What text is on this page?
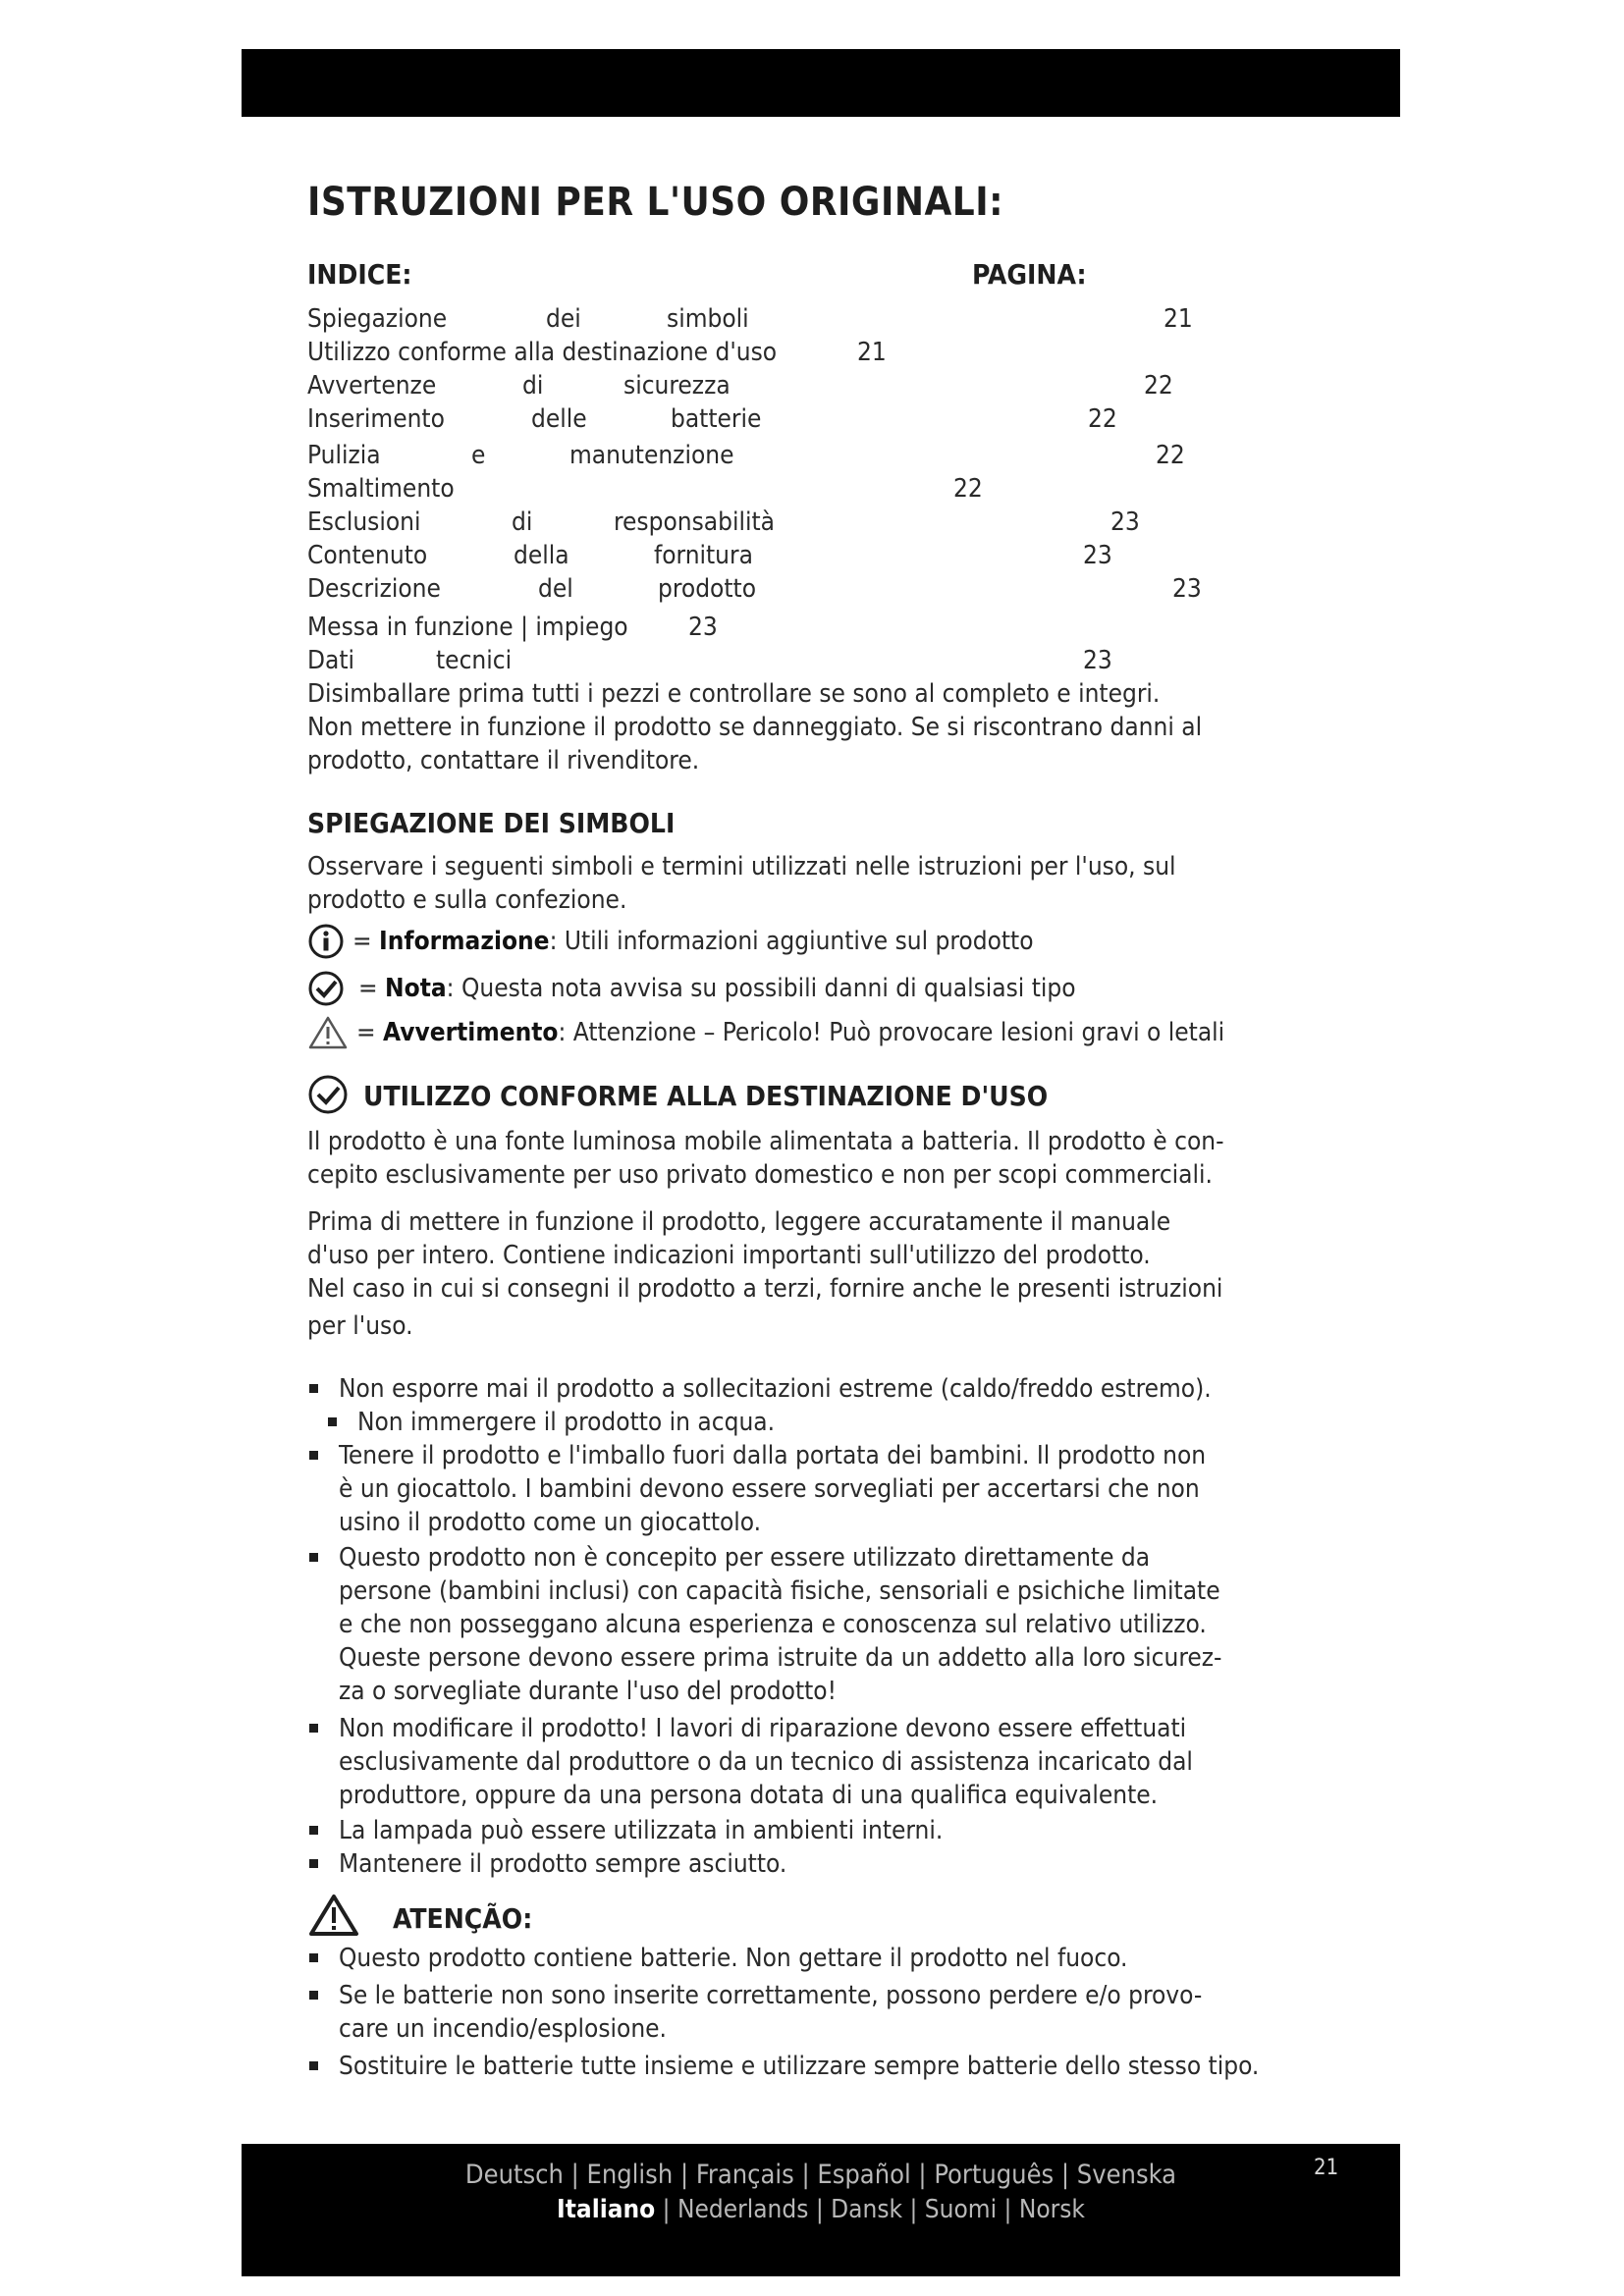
ISTRUZIONI PER L'USO ORIGINALI:
INDICE:	PAGINA:
Spiegazione	dei	simboli	21
Utilizzo conforme alla destinazione d'uso	21
Avvertenze	di	sicurezza	22
Inserimento	delle	batterie	22
Pulizia	e	manutenzione	22
Smaltimento	22
Esclusioni	di	responsabilità	23
Contenuto	della	fornitura	23
Descrizione	del	prodotto	23
Messa in funzione | impiego 23
Dati	tecnici	23
Disimballare prima tutti i pezzi e controllare se sono al completo e integri.
Non mettere in funzione il prodotto se danneggiato. Se si riscontrano danni al
prodotto, contattare il rivenditore.
SPIEGAZIONE DEI SIMBOLI
Osservare i seguenti simboli e termini utilizzati nelle istruzioni per l'uso, sul
prodotto e sulla confezione.
=
Informazione : Utili informazioni aggiuntive sul prodotto
=
Nota : Questa nota avvisa su possibili danni di qualsiasi tipo
=
Avvertimento : Attenzione – Pericolo! Può provocare lesioni gravi o letali
UTILIZZO CONFORME ALLA DESTINAZIONE D'USO
Il prodotto è una fonte luminosa mobile alimentata a batteria. Il prodotto è con-
cepito esclusivamente per uso privato domestico e non per scopi commerciali.
Prima di mettere in funzione il prodotto, leggere accuratamente il manuale
d'uso per intero. Contiene indicazioni importanti sull'utilizzo del prodotto.
Nel caso in cui si consegni il prodotto a terzi, fornire anche le presenti istruzioni
per l'uso.
Non esporre mai il prodotto a sollecitazioni estreme (caldo/freddo estremo).
Non immergere il prodotto in acqua.
Tenere il prodotto e l'imballo fuori dalla portata dei bambini. Il prodotto non
è un giocattolo. I bambini devono essere sorvegliati per accertarsi che non
usino il prodotto come un giocattolo.
Questo prodotto non è concepito per essere utilizzato direttamente da
persone (bambini inclusi) con capacità fisiche, sensoriali e psichiche limitate
e che non posseggano alcuna esperienza e conoscenza sul relativo utilizzo.
Queste persone devono essere prima istruite da un addetto alla loro sicurez-
za o sorvegliate durante l'uso del prodotto!
Non modificare il prodotto! I lavori di riparazione devono essere effettuati
esclusivamente dal produttore o da un tecnico di assistenza incaricato dal
produttore, oppure da una persona dotata di una qualifica equivalente.
La lampada può essere utilizzata in ambienti interni.
Mantenere il prodotto sempre asciutto.
ATENÇÃO:
Questo prodotto contiene batterie. Non gettare il prodotto nel fuoco.
Se le batterie non sono inserite correttamente, possono perdere e/o provo-
care un incendio/esplosione.
Sostituire le batterie tutte insieme e utilizzare sempre batterie dello stesso tipo.
Deutsch | English | Français | Español | Português | Svenska
Italiano | Nederlands | Dansk | Suomi | Norsk
21
